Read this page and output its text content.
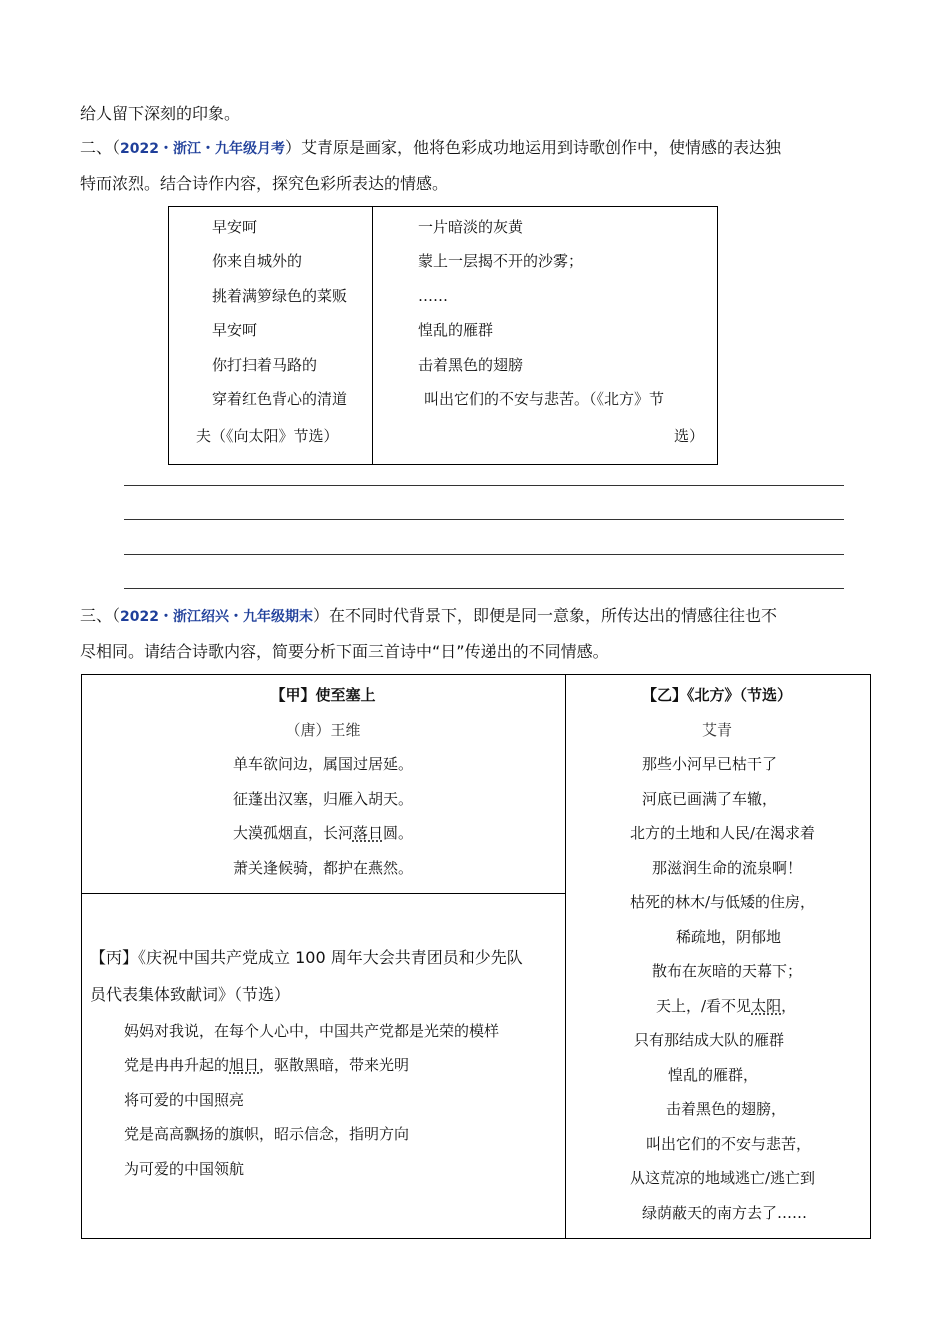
给人留下深刻的印象。
二、（2022・浙江・九年级月考）艾青原是画家，他将色彩成功地运用到诗歌创作中，使情感的表达独
特而浓烈。结合诗作内容，探究色彩所表达的情感。
早安呵
你来自城外的
挑着满箩绿色的菜贩
早安呵
你打扫着马路的
穿着红色背心的清道
夫（《向太阳》节选）
一片暗淡的灰黄
蒙上一层揭不开的沙雾；
……
惶乱的雁群
击着黑色的翅膀
叫出它们的不安与悲苦。（《北方》节
选）
三、（2022・浙江绍兴・九年级期末）在不同时代背景下，即便是同一意象，所传达出的情感往往也不
尽相同。请结合诗歌内容，简要分析下面三首诗中“日”传递出的不同情感。
【甲】使至塞上
（唐）王维
单车欲问边，属国过居延。
征蓬出汉塞，归雁入胡天。
大漠孤烟直，长河落日圆。
萧关逢候骑，都护在燕然。
【丙】《庆祝中国共产党成立 100 周年大会共青团员和少先队
员代表集体致献词》（节选）
妈妈对我说，在每个人心中，中国共产党都是光荣的模样
党是冉冉升起的旭日，驱散黑暗，带来光明
将可爱的中国照亮
党是高高飘扬的旗帜，昭示信念，指明方向
为可爱的中国领航
【乙】《北方》（节选）
艾青
那些小河早已枯干了
河底已画满了车辙，
北方的土地和人民/在渴求着
那滋润生命的流泉啊！
枯死的林木/与低矮的住房，
稀疏地，阴郁地
散布在灰暗的天幕下；
天上，/看不见太阳，
只有那结成大队的雁群
惶乱的雁群，
击着黑色的翅膀，
叫出它们的不安与悲苦，
从这荒凉的地域逃亡/逃亡到
绿荫蔽天的南方去了……
